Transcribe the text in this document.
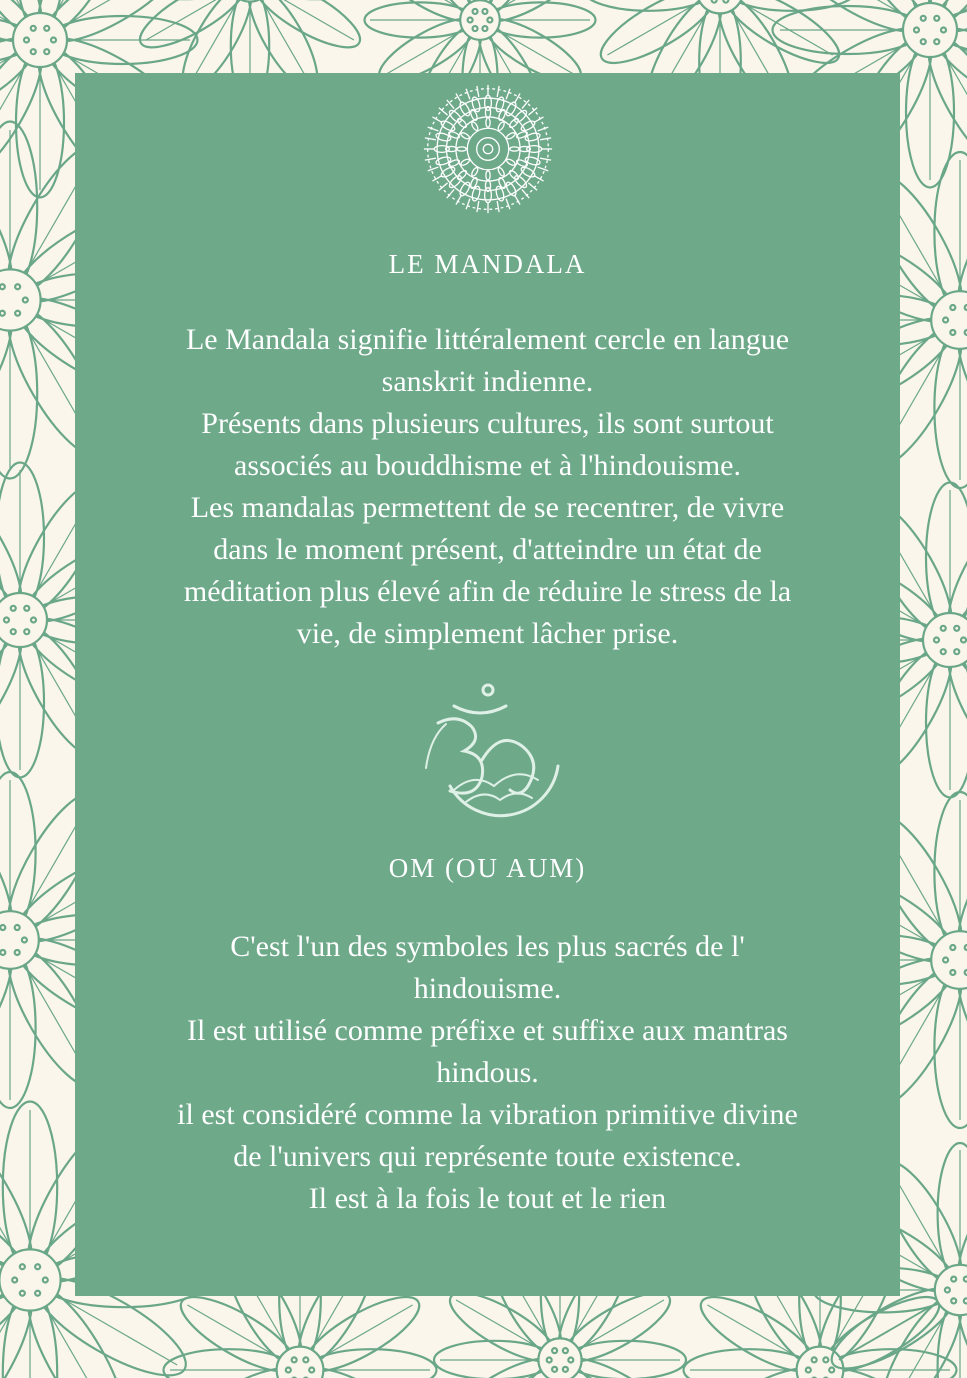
LE MANDALA
Le Mandala signifie littéralement cercle en langue
sanskrit indienne.
Présents dans plusieurs cultures, ils sont surtout
associés au bouddhisme et à l'hindouisme.
Les mandalas permettent de se recentrer, de vivre
dans le moment présent, d'atteindre un état de
méditation plus élevé afin de réduire le stress de la
vie, de simplement lâcher prise.
OM (OU AUM)
C'est l'un des symboles les plus sacrés de l'
hindouisme.
Il est utilisé comme préfixe et suffixe aux mantras
hindous.
il est considéré comme la vibration primitive divine
de l'univers qui représente toute existence.
Il est à la fois le tout et le rien
